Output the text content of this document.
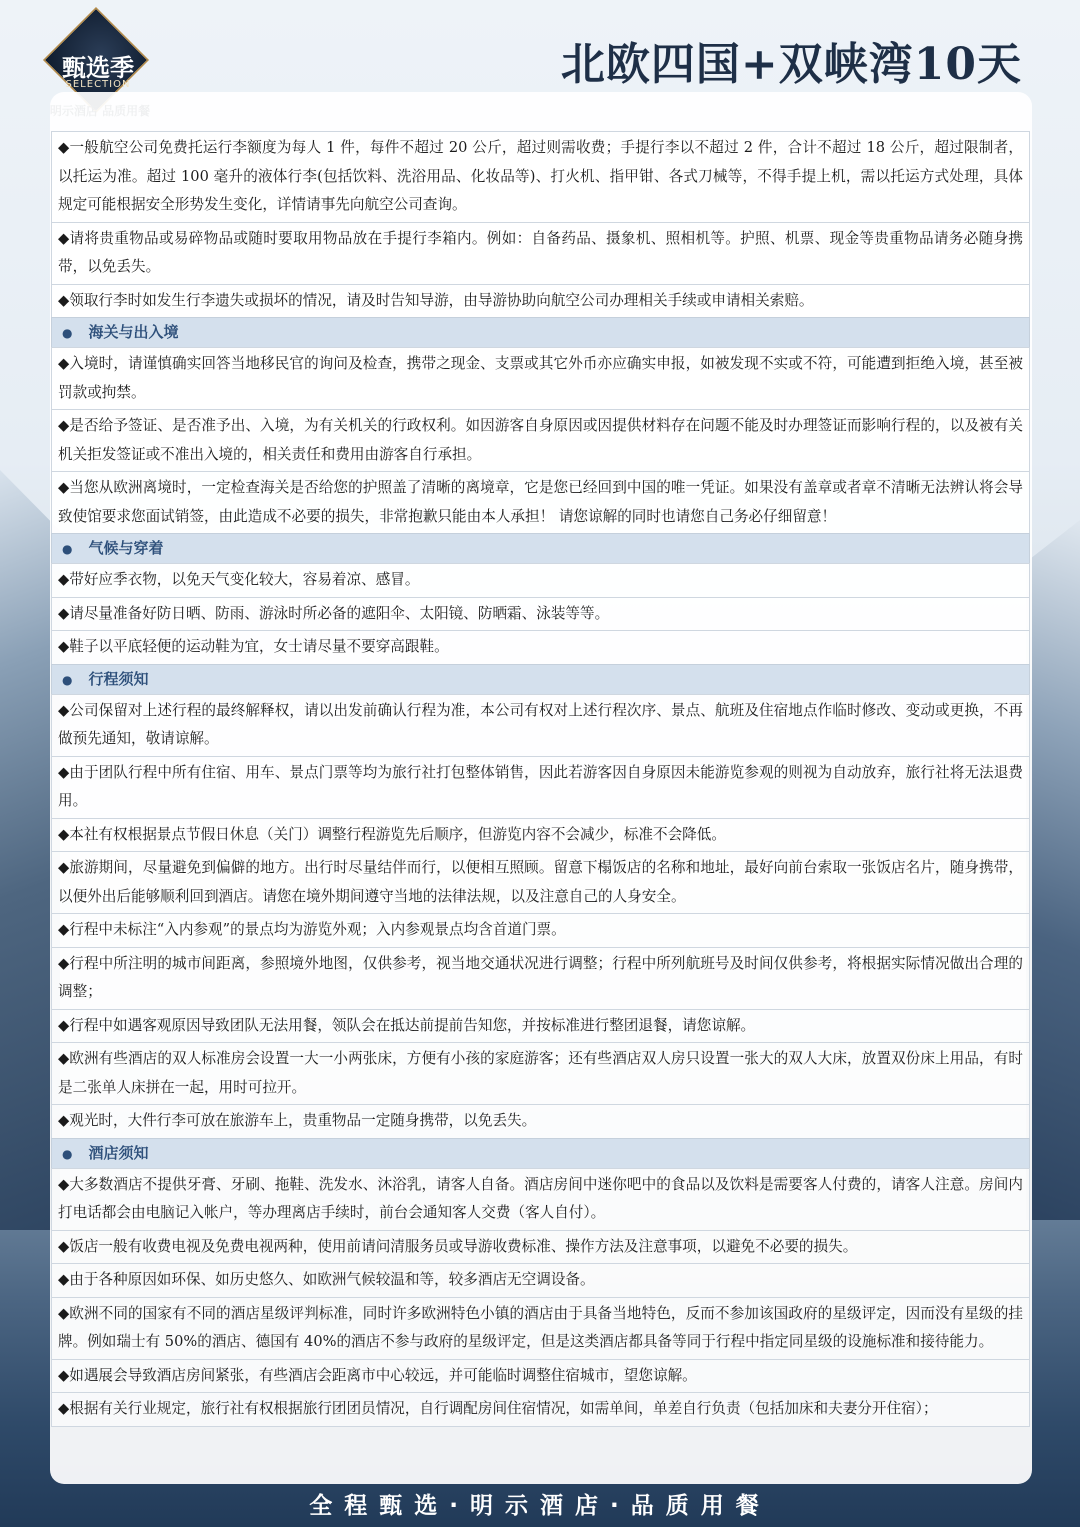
甄选季
SELECTION	北欧四国+双峡湾10天
◆一般航空公司免费托运行李额度为每人 1 件，每件不超过 20 公斤，超过则需收费；手提行李以不超过 2 件，合计不超过 18 公斤，超过限制者，以托运为准。超过 100 毫升的液体行李(包括饮料、洗浴用品、化妆品等)、打火机、指甲钳、各式刀械等，不得手提上机，需以托运方式处理，具体规定可能根据安全形势发生变化，详情请事先向航空公司查询。
◆请将贵重物品或易碎物品或随时要取用物品放在手提行李箱内。例如：自备药品、摄象机、照相机等。护照、机票、现金等贵重物品请务必随身携带，以免丢失。
◆领取行李时如发生行李遗失或损坏的情况，请及时告知导游，由导游协助向航空公司办理相关手续或申请相关索赔。
● 海关与出入境
◆入境时，请谨慎确实回答当地移民官的询问及检查，携带之现金、支票或其它外币亦应确实申报，如被发现不实或不符，可能遭到拒绝入境，甚至被罚款或拘禁。
◆是否给予签证、是否准予出、入境，为有关机关的行政权利。如因游客自身原因或因提供材料存在问题不能及时办理签证而影响行程的，以及被有关机关拒发签证或不准出入境的，相关责任和费用由游客自行承担。
◆当您从欧洲离境时，一定检查海关是否给您的护照盖了清晰的离境章，它是您已经回到中国的唯一凭证。如果没有盖章或者章不清晰无法辨认将会导致使馆要求您面试销签，由此造成不必要的损失，非常抱歉只能由本人承担！ 请您谅解的同时也请您自己务必仔细留意！
● 气候与穿着
◆带好应季衣物，以免天气变化较大，容易着凉、感冒。
◆请尽量准备好防日晒、防雨、游泳时所必备的遮阳伞、太阳镜、防晒霜、泳装等等。
◆鞋子以平底轻便的运动鞋为宜，女士请尽量不要穿高跟鞋。
● 行程须知
◆公司保留对上述行程的最终解释权，请以出发前确认行程为准，本公司有权对上述行程次序、景点、航班及住宿地点作临时修改、变动或更换，不再做预先通知，敬请谅解。
◆由于团队行程中所有住宿、用车、景点门票等均为旅行社打包整体销售，因此若游客因自身原因未能游览参观的则视为自动放弃，旅行社将无法退费用。
◆本社有权根据景点节假日休息（关门）调整行程游览先后顺序，但游览内容不会减少，标准不会降低。
◆旅游期间，尽量避免到偏僻的地方。出行时尽量结伴而行，以便相互照顾。留意下榻饭店的名称和地址，最好向前台索取一张饭店名片，随身携带，以便外出后能够顺利回到酒店。请您在境外期间遵守当地的法律法规，以及注意自己的人身安全。
◆行程中未标注“入内参观”的景点均为游览外观；入内参观景点均含首道门票。
◆行程中所注明的城市间距离，参照境外地图，仅供参考，视当地交通状况进行调整；行程中所列航班号及时间仅供参考，将根据实际情况做出合理的调整；
◆行程中如遇客观原因导致团队无法用餐，领队会在抵达前提前告知您，并按标准进行整团退餐，请您谅解。
◆欧洲有些酒店的双人标准房会设置一大一小两张床，方便有小孩的家庭游客；还有些酒店双人房只设置一张大的双人大床，放置双份床上用品，有时是二张单人床拼在一起，用时可拉开。
◆观光时，大件行李可放在旅游车上，贵重物品一定随身携带，以免丢失。
● 酒店须知
◆大多数酒店不提供牙膏、牙刷、拖鞋、洗发水、沐浴乳，请客人自备。酒店房间中迷你吧中的食品以及饮料是需要客人付费的，请客人注意。房间内打电话都会由电脑记入帐户，等办理离店手续时，前台会通知客人交费（客人自付）。
◆饭店一般有收费电视及免费电视两种，使用前请问清服务员或导游收费标准、操作方法及注意事项，以避免不必要的损失。
◆由于各种原因如环保、如历史悠久、如欧洲气候较温和等，较多酒店无空调设备。
◆欧洲不同的国家有不同的酒店星级评判标准，同时许多欧洲特色小镇的酒店由于具备当地特色，反而不参加该国政府的星级评定，因而没有星级的挂牌。例如瑞士有 50%的酒店、德国有 40%的酒店不参与政府的星级评定，但是这类酒店都具备等同于行程中指定同星级的设施标准和接待能力。
◆如遇展会导致酒店房间紧张，有些酒店会距离市中心较远，并可能临时调整住宿城市，望您谅解。
◆根据有关行业规定，旅行社有权根据旅行团团员情况，自行调配房间住宿情况，如需单间，单差自行负责（包括加床和夫妻分开住宿）；
全程甄选·明示酒店·品质用餐
